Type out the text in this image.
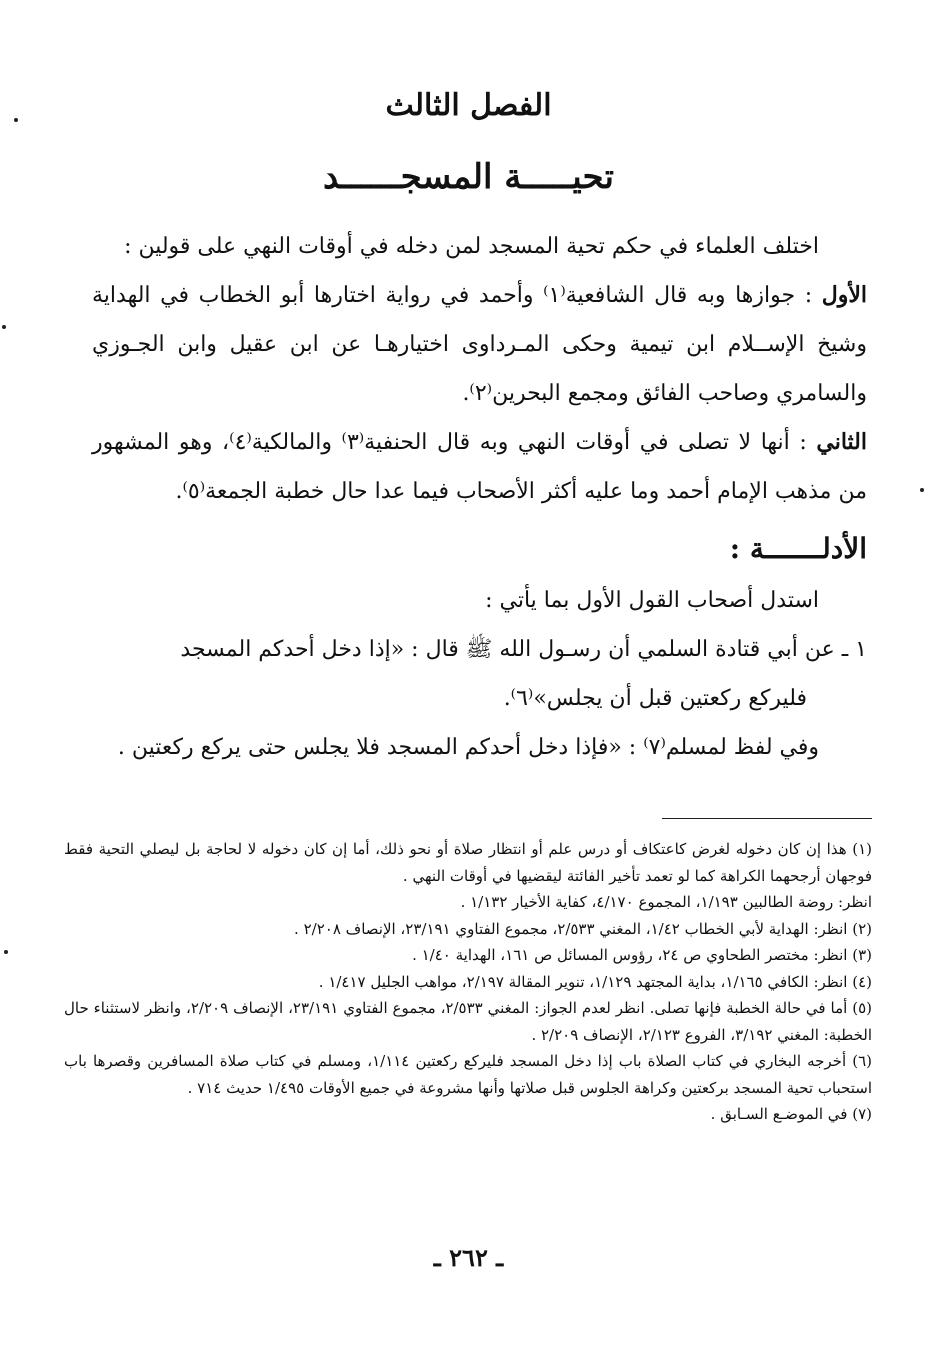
الفصل الثالث
تحيـــــة المسجــــــد

اختلف العلماء في حكم تحية المسجد لمن دخله في أوقات النهي على قولين :

الأول : جوازها وبه قال الشافعية⁽١⁾ وأحمد في رواية اختارها أبو الخطاب في الهداية وشيخ الإســلام ابن تيمية وحكى المـرداوى اختيارهـا عن ابن عقيل وابن الجـوزي والسامري وصاحب الفائق ومجمع البحرين⁽٢⁾.

الثاني : أنها لا تصلى في أوقات النهي وبه قال الحنفية⁽٣⁾ والمالكية⁽٤⁾، وهو المشهور من مذهب الإمام أحمد وما عليه أكثر الأصحاب فيما عدا حال خطبة الجمعة⁽٥⁾.

الأدلـــــــة :

استدل أصحاب القول الأول بما يأتي :

١ ـ عن أبي قتادة السلمي أن رسـول الله ﷺ قال : «إذا دخل أحدكم المسجد

فليركع ركعتين قبل أن يجلس»⁽٦⁾.

وفي لفظ لمسلم⁽٧⁾ : «فإذا دخل أحدكم المسجد فلا يجلس حتى يركع ركعتين .

(١) هذا إن كان دخوله لغرض كاعتكاف أو درس علم أو انتظار صلاة أو نحو ذلك، أما إن كان دخوله لا لحاجة بل ليصلي التحية فقط فوجهان أرجحهما الكراهة كما لو تعمد تأخير الفائتة ليقضيها في أوقات النهي .

انظر: روضة الطالبين ١/١٩٣، المجموع ٤/١٧٠، كفاية الأخيار ١/١٣٢ .

(٢) انظر: الهداية لأبي الخطاب ١/٤٢، المغني ٢/٥٣٣، مجموع الفتاوي ٢٣/١٩١، الإنصاف ٢/٢٠٨ .

(٣) انظر: مختصر الطحاوي ص ٢٤، رؤوس المسائل ص ١٦١، الهداية ١/٤٠ .

(٤) انظر: الكافي ١/١٦٥، بداية المجتهد ١/١٢٩، تنوير المقالة ٢/١٩٧، مواهب الجليل ١/٤١٧ .

(٥) أما في حالة الخطبة فإنها تصلى. انظر لعدم الجواز: المغني ٢/٥٣٣، مجموع الفتاوي ٢٣/١٩١، الإنصاف ٢/٢٠٩، وانظر لاستثناء حال الخطبة: المغني ٣/١٩٢، الفروع ٢/١٢٣، الإنصاف ٢/٢٠٩ .

(٦) أخرجه البخاري في كتاب الصلاة باب إذا دخل المسجد فليركع ركعتين ١/١١٤، ومسلم في كتاب صلاة المسافرين وقصرها باب استحباب تحية المسجد بركعتين وكراهة الجلوس قبل صلاتها وأنها مشروعة في جميع الأوقات ١/٤٩٥ حديث ٧١٤ .

(٧) في الموضـع السـابق .

ـ ٢٦٢ ـ
